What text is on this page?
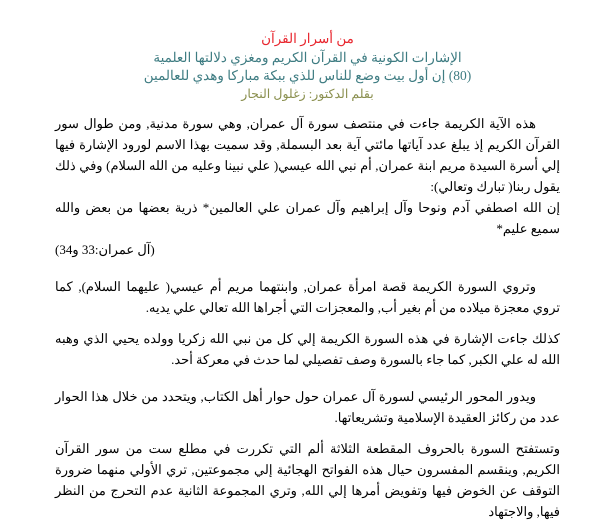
من أسرار القرآن
الإشارات الكونية في القرآن الكريم ومغزي دلالتها العلمية
(80) إن أول بيت وضع للناس للذي ببكة مباركا وهدي للعالمين
بقلم الدكتور: زغلول النجار

هذه الآية الكريمة جاءت في منتصف سورة آل عمران, وهي سورة مدنية, ومن طوال سور القرآن الكريم إذ يبلغ عدد آياتها مائتي آية بعد البسملة, وقد سميت بهذا الاسم لورود الإشارة فيها إلي أسرة السيدة مريم ابنة عمران, أم نبي الله عيسي( علي نبينا وعليه من الله السلام) وفي ذلك يقول ربنا( تبارك وتعالي):

إن الله اصطفي آدم ونوحا وآل إبراهيم وآل عمران علي العالمين* ذرية بعضها من بعض والله سميع عليم*

(آل عمران:33 و34)

وتروي السورة الكريمة قصة امرأة عمران, وابنتهما مريم أم عيسي( عليهما السلام), كما تروي معجزة ميلاده من أم بغير أب, والمعجزات التي أجراها الله تعالي علي يديه.

كذلك جاءت الإشارة في هذه السورة الكريمة إلي كل من نبي الله زكريا وولده يحيي الذي وهبه الله له علي الكبر, كما جاء بالسورة وصف تفصيلي لما حدث في معركة أحد.

ويدور المحور الرئيسي لسورة آل عمران حول حوار أهل الكتاب, ويتحدد من خلال هذا الحوار عدد من ركائز العقيدة الإسلامية وتشريعاتها.

وتستفتح السورة بالحروف المقطعة الثلاثة ألم التي تكررت في مطلع ست من سور القرآن الكريم, وينقسم المفسرون حيال هذه الفواتح الهجائية إلي مجموعتين, تري الأولي منهما ضرورة التوقف عن الخوض فيها وتفويض أمرها إلي الله, وتري المجموعة الثانية عدم التحرج من النظر فيها, والاجتهاد
